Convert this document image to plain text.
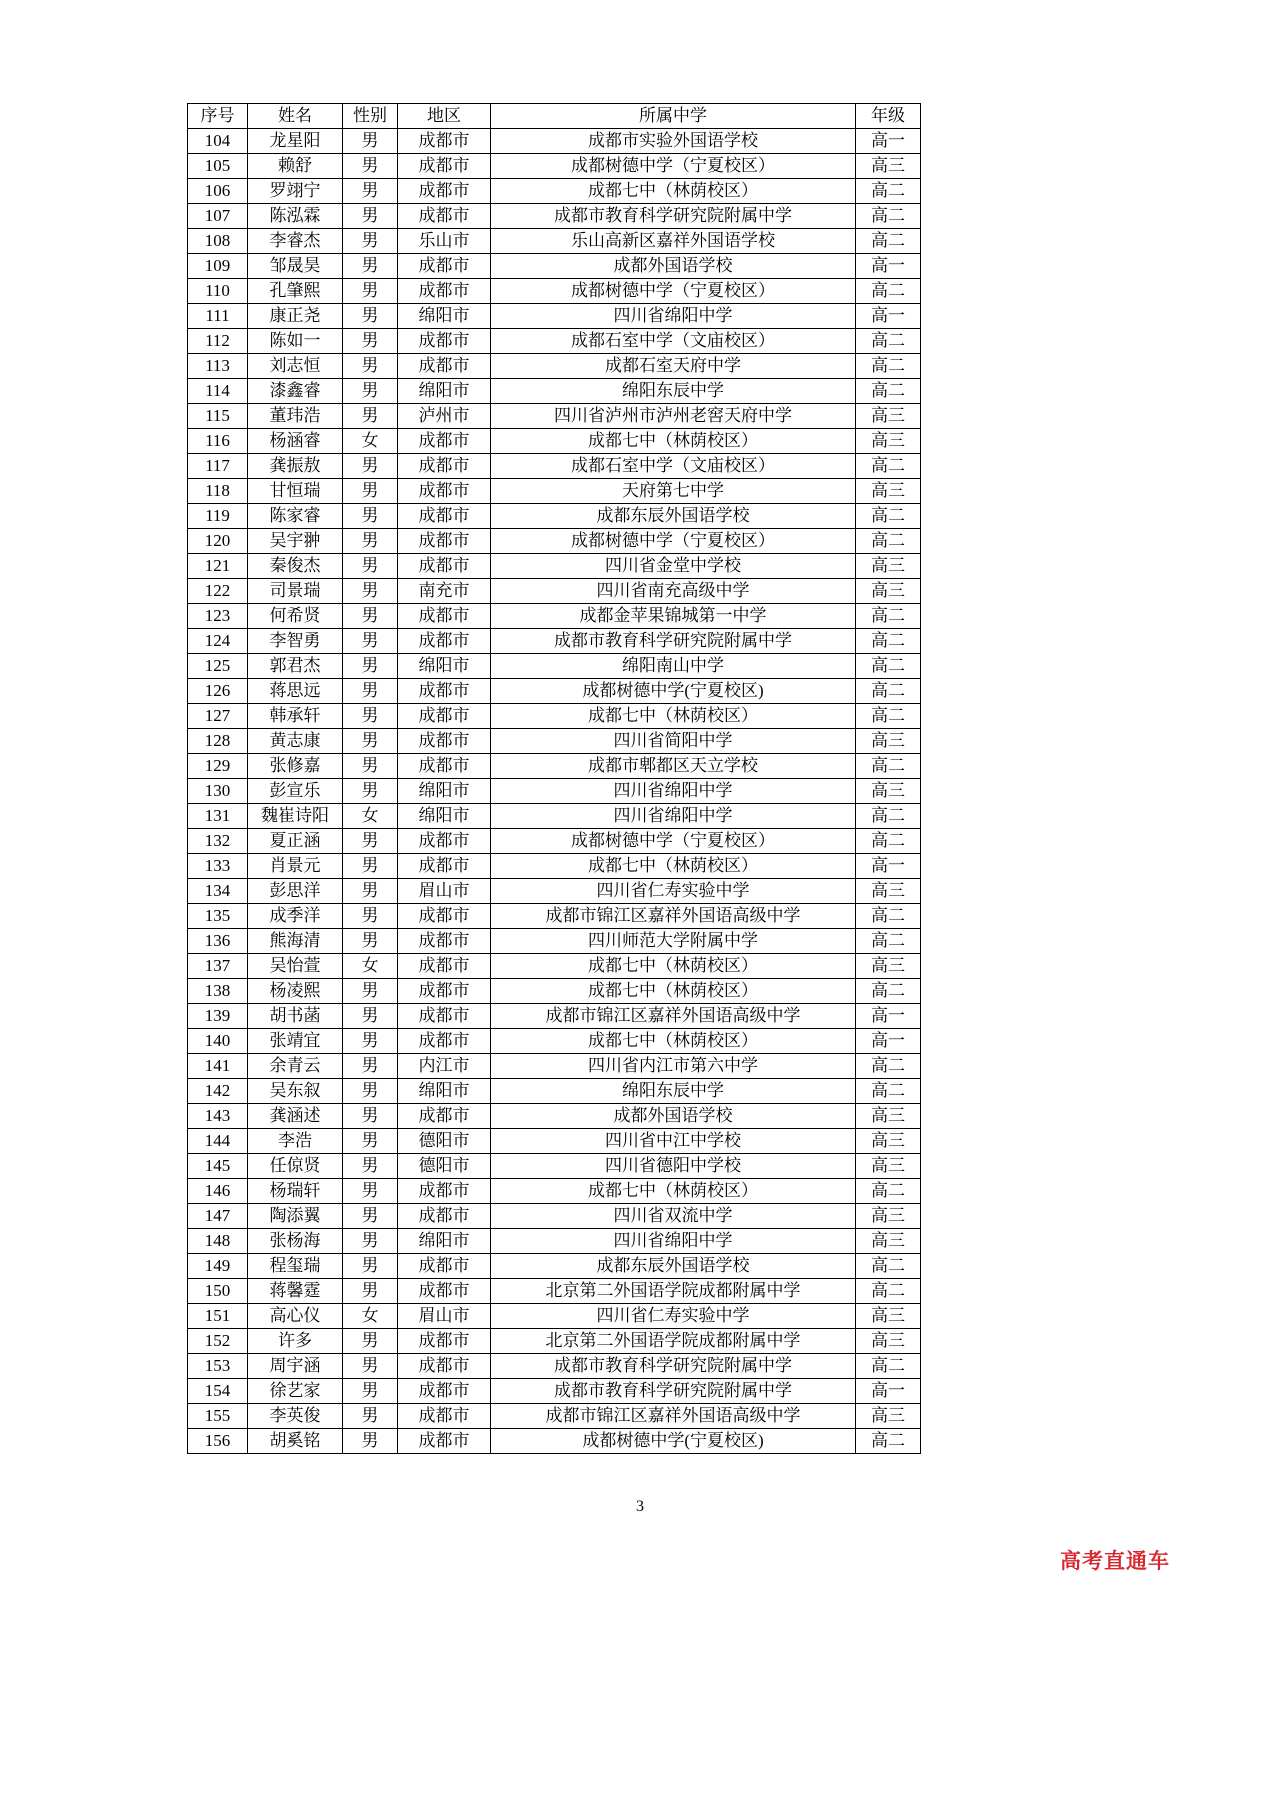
序号	姓名	性别	地区	所属中学	年级
104	龙星阳	男	成都市	成都市实验外国语学校	高一
105	赖舒	男	成都市	成都树德中学（宁夏校区）	高三
106	罗翊宁	男	成都市	成都七中（林荫校区）	高二
107	陈泓霖	男	成都市	成都市教育科学研究院附属中学	高二
108	李睿杰	男	乐山市	乐山高新区嘉祥外国语学校	高二
109	邹晟昊	男	成都市	成都外国语学校	高一
110	孔肇熙	男	成都市	成都树德中学（宁夏校区）	高二
111	康正尧	男	绵阳市	四川省绵阳中学	高一
112	陈如一	男	成都市	成都石室中学（文庙校区）	高二
113	刘志恒	男	成都市	成都石室天府中学	高二
114	漆鑫睿	男	绵阳市	绵阳东辰中学	高二
115	董玮浩	男	泸州市	四川省泸州市泸州老窖天府中学	高三
116	杨涵睿	女	成都市	成都七中（林荫校区）	高三
117	龚振敖	男	成都市	成都石室中学（文庙校区）	高二
118	甘恒瑞	男	成都市	天府第七中学	高三
119	陈家睿	男	成都市	成都东辰外国语学校	高二
120	吴宇翀	男	成都市	成都树德中学（宁夏校区）	高二
121	秦俊杰	男	成都市	四川省金堂中学校	高三
122	司景瑞	男	南充市	四川省南充高级中学	高三
123	何希贤	男	成都市	成都金苹果锦城第一中学	高二
124	李智勇	男	成都市	成都市教育科学研究院附属中学	高二
125	郭君杰	男	绵阳市	绵阳南山中学	高二
126	蒋思远	男	成都市	成都树德中学(宁夏校区)	高二
127	韩承轩	男	成都市	成都七中（林荫校区）	高二
128	黄志康	男	成都市	四川省简阳中学	高三
129	张修嘉	男	成都市	成都市郫都区天立学校	高二
130	彭宣乐	男	绵阳市	四川省绵阳中学	高三
131	魏崔诗阳	女	绵阳市	四川省绵阳中学	高二
132	夏正涵	男	成都市	成都树德中学（宁夏校区）	高二
133	肖景元	男	成都市	成都七中（林荫校区）	高一
134	彭思洋	男	眉山市	四川省仁寿实验中学	高三
135	成季洋	男	成都市	成都市锦江区嘉祥外国语高级中学	高二
136	熊海清	男	成都市	四川师范大学附属中学	高二
137	吴怡萱	女	成都市	成都七中（林荫校区）	高三
138	杨凌熙	男	成都市	成都七中（林荫校区）	高二
139	胡书菡	男	成都市	成都市锦江区嘉祥外国语高级中学	高一
140	张靖宜	男	成都市	成都七中（林荫校区）	高一
141	余青云	男	内江市	四川省内江市第六中学	高二
142	吴东叙	男	绵阳市	绵阳东辰中学	高二
143	龚涵述	男	成都市	成都外国语学校	高三
144	李浩	男	德阳市	四川省中江中学校	高三
145	任倞贤	男	德阳市	四川省德阳中学校	高三
146	杨瑞轩	男	成都市	成都七中（林荫校区）	高二
147	陶添翼	男	成都市	四川省双流中学	高三
148	张杨海	男	绵阳市	四川省绵阳中学	高三
149	程玺瑞	男	成都市	成都东辰外国语学校	高二
150	蒋馨霆	男	成都市	北京第二外国语学院成都附属中学	高二
151	高心仪	女	眉山市	四川省仁寿实验中学	高三
152	许多	男	成都市	北京第二外国语学院成都附属中学	高三
153	周宇涵	男	成都市	成都市教育科学研究院附属中学	高二
154	徐艺家	男	成都市	成都市教育科学研究院附属中学	高一
155	李英俊	男	成都市	成都市锦江区嘉祥外国语高级中学	高三
156	胡奚铭	男	成都市	成都树德中学(宁夏校区)	高二
3
高考直通车
